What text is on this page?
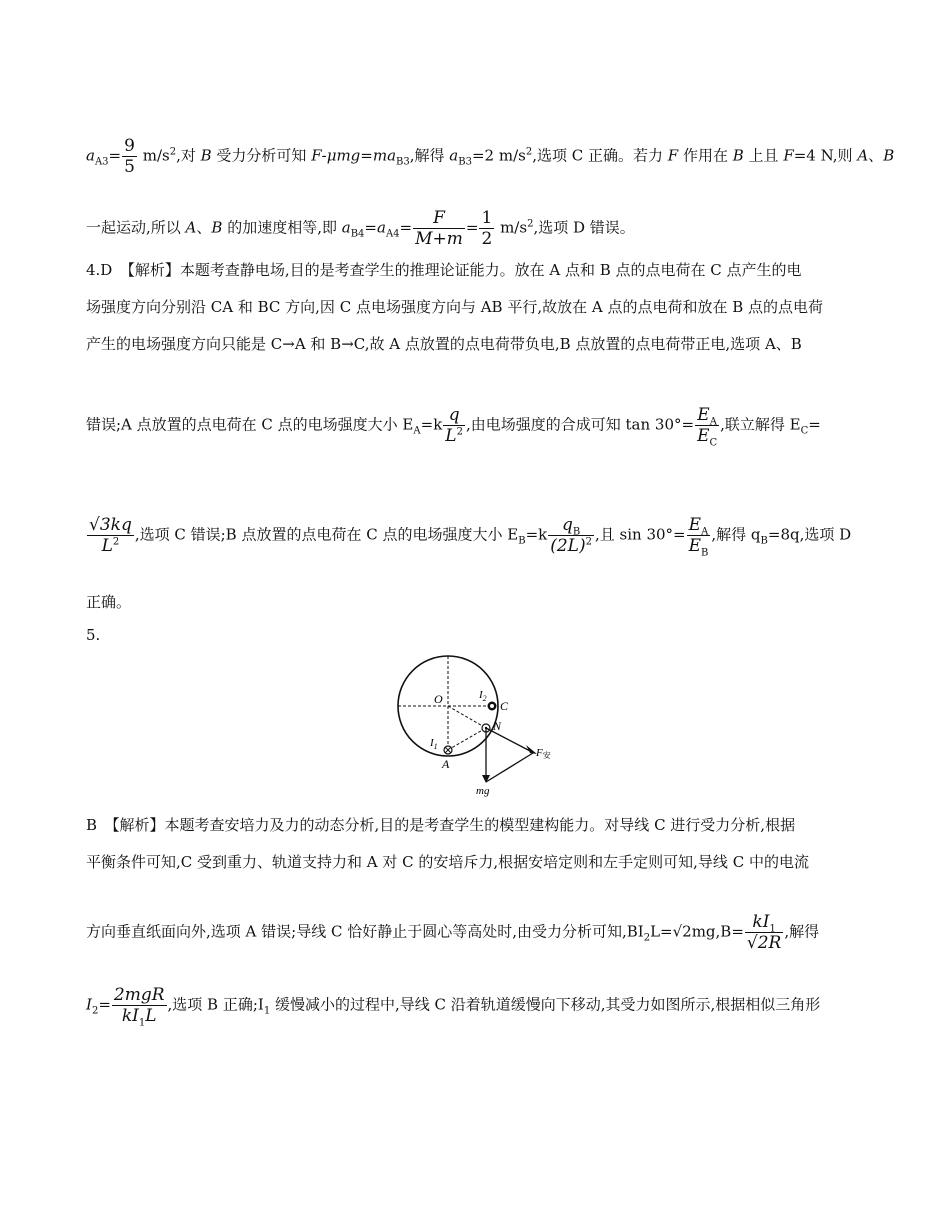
$a_{A3}= \frac{9}{5} m/s^2$,对 B 受力分析可知 $F-\mu mg=ma_{B3}$,解得 $a_{B3}=2$ $m/s^2$,选项 C 正确。若力 F 作用在 B 上且 F=4 N,则 A、B
一起运动,所以 A、B 的加速度相等,即 $a_{B4}=a_{A4}= \frac{F}{M+m} = \frac{1}{2} m/s^2$,选项 D 错误。
4.D　【解析】本题考查静电场,目的是考查学生的推理论证能力。放在 A 点和 B 点的点电荷在 C 点产生的电
场强度方向分别沿 CA 和 BC 方向,因 C 点电场强度方向与 AB 平行,故放在 A 点的点电荷和放在 B 点的点电荷
产生的电场强度方向只能是 C→A 和 B→C,故 A 点放置的点电荷带负电,B 点放置的点电荷带正电,选项 A、B
错误;A 点放置的点电荷在 C 点的电场强度大小 $E_A=k \frac{q}{L^2}$ ,由电场强度的合成可知 $\tan 30^\circ= \frac{E_A}{E_C}$ ,联立解得 $E_C=$
$\frac{√3kq}{L^2}$ ,选项 C 错误;B 点放置的点电荷在 C 点的电场强度大小 $E_B=k \frac{q_B}{(2L)^2}$ ,且 $\sin 30^\circ= \frac{E_A}{E_B}$ ,解得 $q_B=8q$,选项 D
正确。
5.
B　【解析】本题考查安培力及力的动态分析,目的是考查学生的模型建构能力。对导线 C 进行受力分析,根据
平衡条件可知,C 受到重力、轨道支持力和 A 对 C 的安培斥力,根据安培定则和左手定则可知,导线 C 中的电流
方向垂直纸面向外,选项 A 错误;导线 C 恰好静止于圆心等高处时,由受力分析可知$,BI_2L=√2mg,B= \frac{kI_1}{√2R}$ ,解得
$I_2= \frac{\text{2mgR}}{kI_1L}$ ,选项 B 正确$;I_1$ 缓慢减小的过程中,导线 C 沿着轨道缓慢向下移动,其受力如图所示,根据相似三角形
O	$I_2$
C
N
$I_1$
A
F安
mg
